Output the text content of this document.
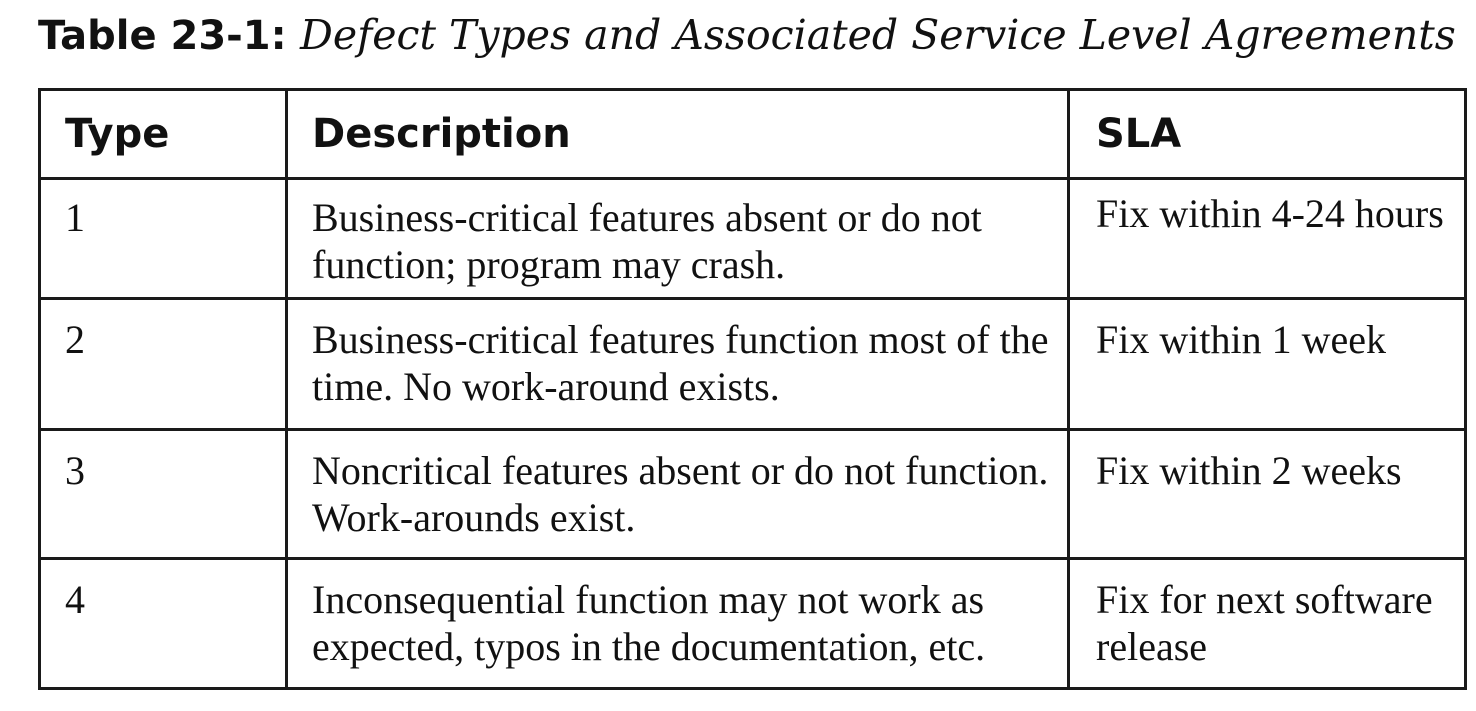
Table 23-1: Defect Types and Associated Service Level Agreements
Type	Description	SLA

1	Business-critical features absent or do not function; program may crash.	Fix within 4-24 hours

2	Business-critical features function most of the time. No work-around exists.	Fix within 1 week

3	Noncritical features absent or do not function. Work-arounds exist.	Fix within 2 weeks

4	Inconsequential function may not work as expected, typos in the documentation, etc.	Fix for next software release
